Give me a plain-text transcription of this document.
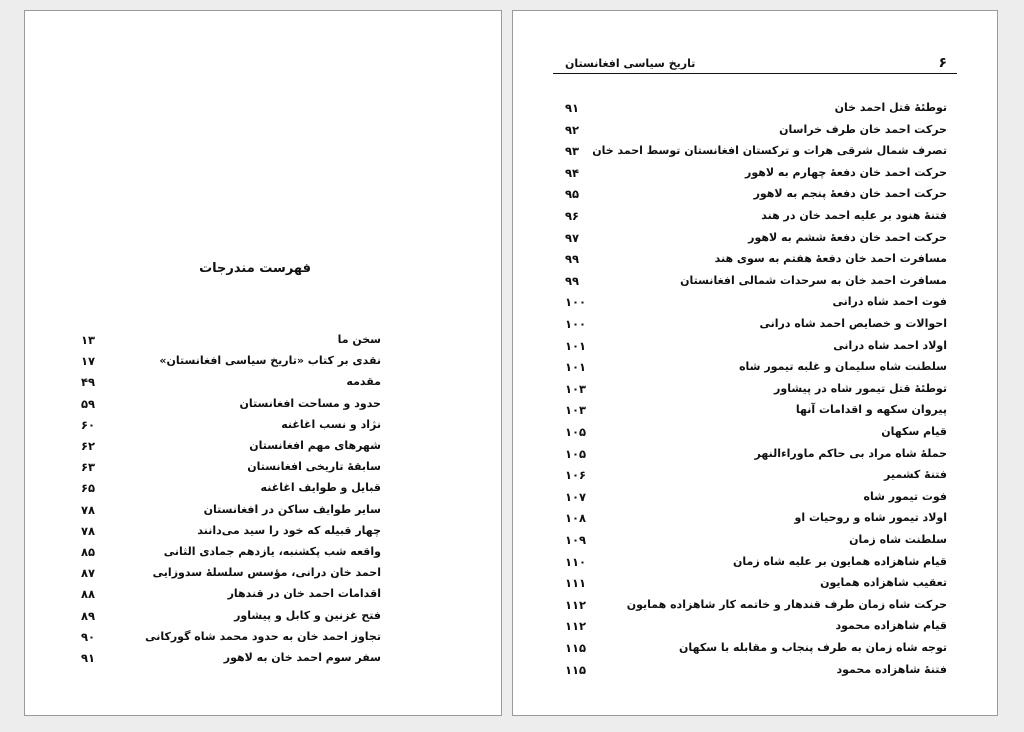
فهرست مندرجات
سخن ما
۱۳
نقدی بر کتاب «تاریخ سیاسی افغانستان»
۱۷
مقدمه
۴۹
حدود و مساحت افغانستان
۵۹
نژاد و نسب اغاغنه
۶۰
شهرهای مهم افغانستان
۶۲
سابقهٔ تاریخی افغانستان
۶۳
قبایل و طوایف اغاغنه
۶۵
سایر طوایف ساکن در افغانستان
۷۸
چهار قبیله که خود را سید می‌دانند
۷۸
واقعه شب پکشنبه، یازدهم جمادی الثانی
۸۵
احمد خان درانی، مؤسس سلسلهٔ سدوزایی
۸۷
اقدامات احمد خان در قندهار
۸۸
فتح غزنین و کابل و پیشاور
۸۹
تجاوز احمد خان به حدود محمد شاه گورکانی
۹۰
سفر سوم احمد خان به لاهور
۹۱
۶
تاریخ سیاسی افغانستان
توطئهٔ قتل احمد خان
۹۱
حرکت احمد خان طرف خراسان
۹۲
تصرف شمال شرقی هرات و ترکستان افغانستان توسط احمد خان
۹۳
حرکت احمد خان دفعهٔ چهارم به لاهور
۹۴
حرکت احمد خان دفعهٔ پنجم به لاهور
۹۵
فتنهٔ هنود بر علیه احمد خان در هند
۹۶
حرکت احمد خان دفعهٔ ششم به لاهور
۹۷
مسافرت احمد خان دفعهٔ هفتم به سوی هند
۹۹
مسافرت احمد خان به سرحدات شمالی افغانستان
۹۹
فوت احمد شاه درانی
۱۰۰
احوالات و خصایص احمد شاه درانی
۱۰۰
اولاد احمد شاه درانی
۱۰۱
سلطنت شاه سلیمان و غلبه تیمور شاه
۱۰۱
توطئهٔ قتل تیمور شاه در پیشاور
۱۰۳
پیروان سکهه و اقدامات آنها
۱۰۳
قیام سکهان
۱۰۵
حملهٔ شاه مراد بی حاکم ماوراءالنهر
۱۰۵
فتنهٔ کشمیر
۱۰۶
فوت تیمور شاه
۱۰۷
اولاد تیمور شاه و روحیات او
۱۰۸
سلطنت شاه زمان
۱۰۹
قیام شاهزاده همایون بر علیه شاه زمان
۱۱۰
تعقیب شاهزاده همایون
۱۱۱
حرکت شاه زمان طرف قندهار و خاتمه کار شاهزاده همایون
۱۱۲
قیام شاهزاده محمود
۱۱۲
توجه شاه زمان به طرف پنجاب و مقابله با سکهان
۱۱۵
فتنهٔ شاهزاده محمود
۱۱۵
